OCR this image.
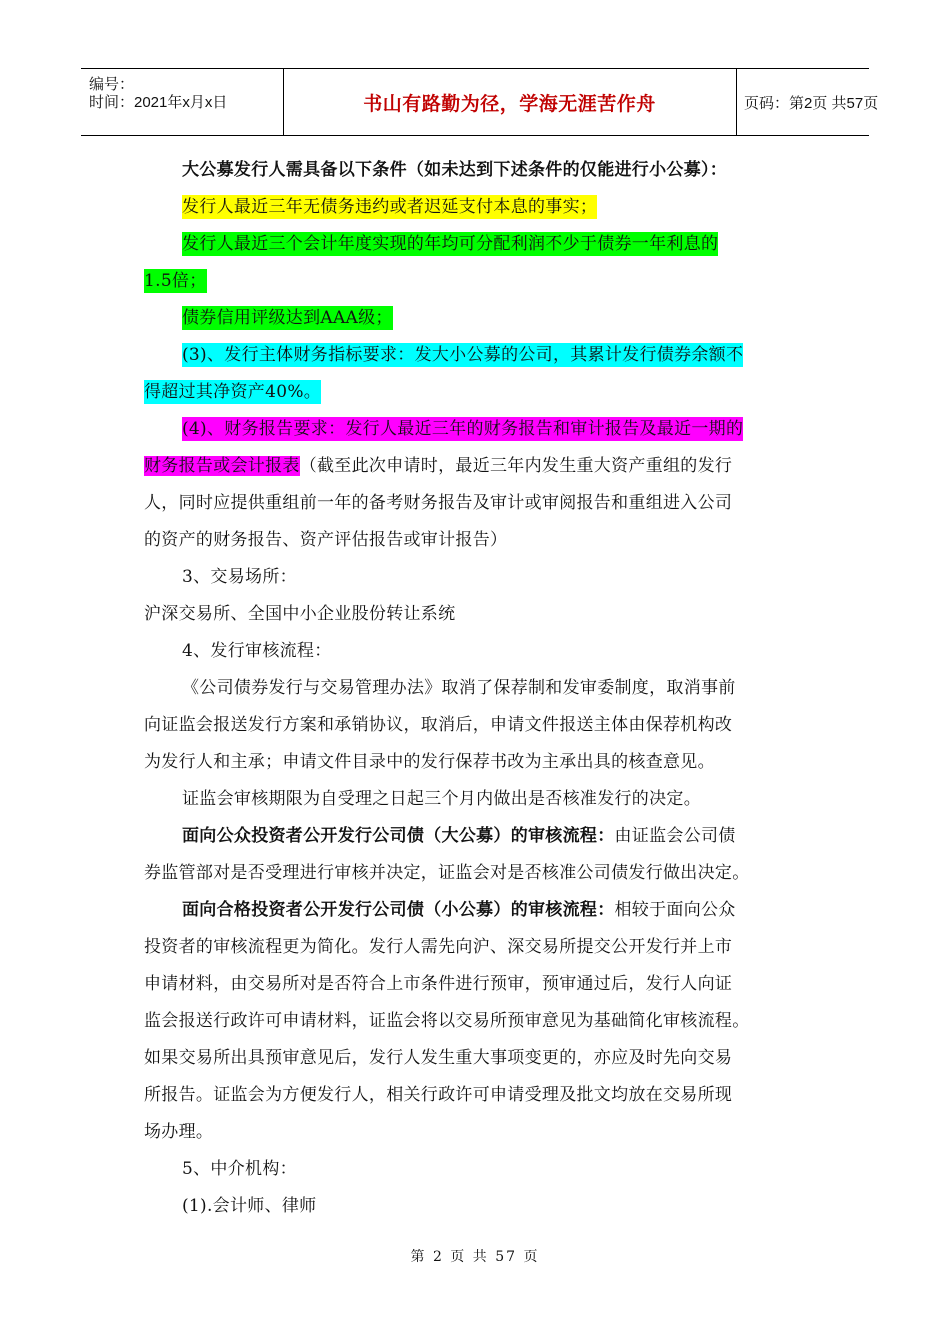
编号：
时间：2021年x月x日	书山有路勤为径，学海无涯苦作舟	页码：第2页 共57页
大公募发行人需具备以下条件（如未达到下述条件的仅能进行小公募）：
发行人最近三年无债务违约或者迟延支付本息的事实；
发行人最近三个会计年度实现的年均可分配利润不少于债券一年利息的
1.5倍；
债券信用评级达到AAA级；
(3)、发行主体财务指标要求：发大小公募的公司，其累计发行债券余额不
得超过其净资产40%。
(4)、财务报告要求：发行人最近三年的财务报告和审计报告及最近一期的
财务报告或会计报表（截至此次申请时，最近三年内发生重大资产重组的发行
人，同时应提供重组前一年的备考财务报告及审计或审阅报告和重组进入公司
的资产的财务报告、资产评估报告或审计报告）
3、交易场所：
沪深交易所、全国中小企业股份转让系统
4、发行审核流程：
《公司债券发行与交易管理办法》取消了保荐制和发审委制度，取消事前
向证监会报送发行方案和承销协议，取消后，申请文件报送主体由保荐机构改
为发行人和主承；申请文件目录中的发行保荐书改为主承出具的核查意见。
证监会审核期限为自受理之日起三个月内做出是否核准发行的决定。
面向公众投资者公开发行公司债（大公募）的审核流程：由证监会公司债
券监管部对是否受理进行审核并决定，证监会对是否核准公司债发行做出决定。
面向合格投资者公开发行公司债（小公募）的审核流程：相较于面向公众
投资者的审核流程更为简化。发行人需先向沪、深交易所提交公开发行并上市
申请材料，由交易所对是否符合上市条件进行预审，预审通过后，发行人向证
监会报送行政许可申请材料，证监会将以交易所预审意见为基础简化审核流程。
如果交易所出具预审意见后，发行人发生重大事项变更的，亦应及时先向交易
所报告。证监会为方便发行人，相关行政许可申请受理及批文均放在交易所现
场办理。
5、中介机构：
(1).会计师、律师
第 2 页 共 57 页
